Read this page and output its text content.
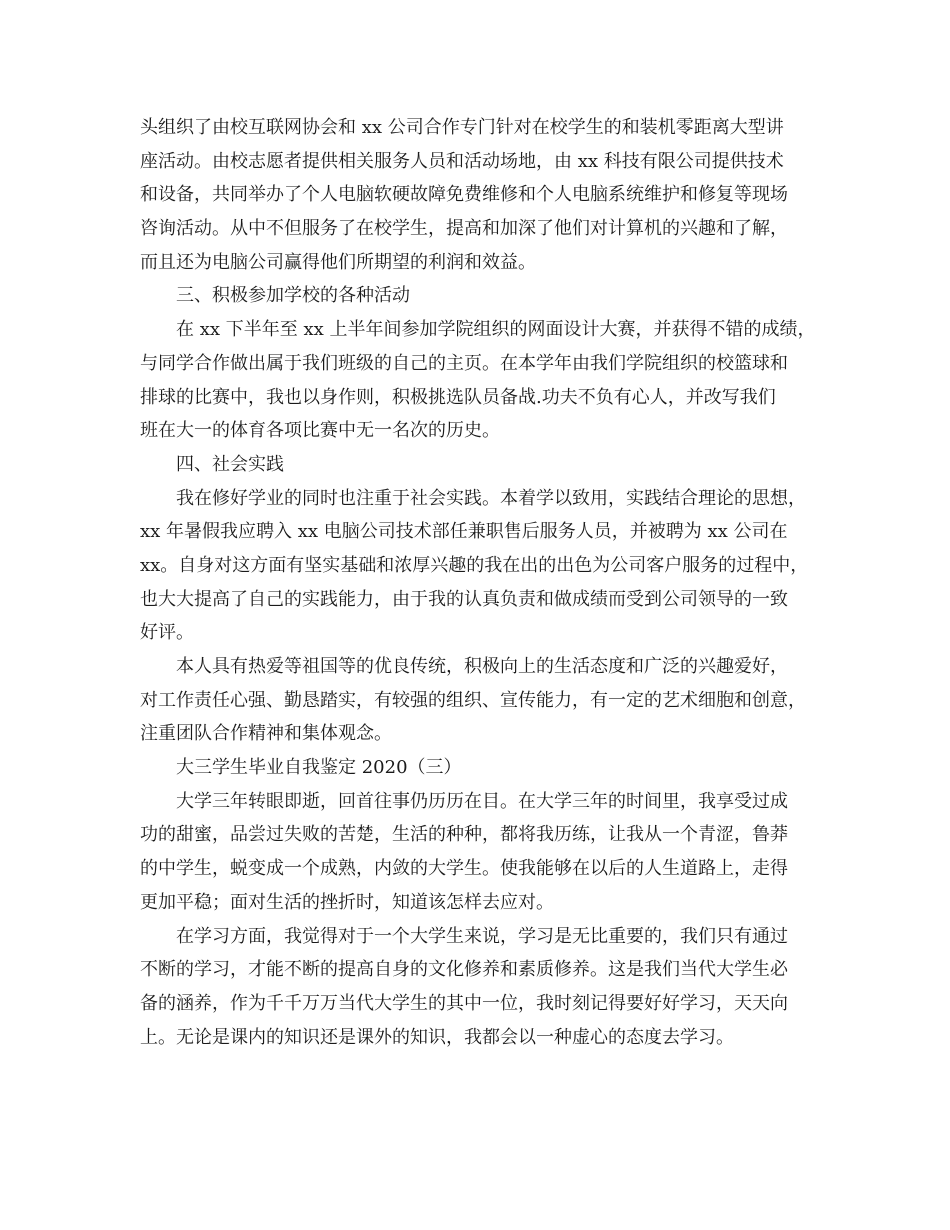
头组织了由校互联网协会和 xx 公司合作专门针对在校学生的和装机零距离大型讲
座活动。由校志愿者提供相关服务人员和活动场地，由 xx 科技有限公司提供技术
和设备，共同举办了个人电脑软硬故障免费维修和个人电脑系统维护和修复等现场
咨询活动。从中不但服务了在校学生，提高和加深了他们对计算机的兴趣和了解，
而且还为电脑公司赢得他们所期望的利润和效益。
三、积极参加学校的各种活动
在 xx 下半年至 xx 上半年间参加学院组织的网面设计大赛，并获得不错的成绩，
与同学合作做出属于我们班级的自己的主页。在本学年由我们学院组织的校篮球和
排球的比赛中，我也以身作则，积极挑选队员备战.功夫不负有心人，并改写我们
班在大一的体育各项比赛中无一名次的历史。
四、社会实践
我在修好学业的同时也注重于社会实践。本着学以致用，实践结合理论的思想，
xx 年暑假我应聘入 xx 电脑公司技术部任兼职售后服务人员，并被聘为 xx 公司在
xx。自身对这方面有坚实基础和浓厚兴趣的我在出的出色为公司客户服务的过程中，
也大大提高了自己的实践能力，由于我的认真负责和做成绩而受到公司领导的一致
好评。
本人具有热爱等祖国等的优良传统，积极向上的生活态度和广泛的兴趣爱好，
对工作责任心强、勤恳踏实，有较强的组织、宣传能力，有一定的艺术细胞和创意，
注重团队合作精神和集体观念。
大三学生毕业自我鉴定 2020（三）
大学三年转眼即逝，回首往事仍历历在目。在大学三年的时间里，我享受过成
功的甜蜜，品尝过失败的苦楚，生活的种种，都将我历练，让我从一个青涩，鲁莽
的中学生，蜕变成一个成熟，内敛的大学生。使我能够在以后的人生道路上，走得
更加平稳；面对生活的挫折时，知道该怎样去应对。
在学习方面，我觉得对于一个大学生来说，学习是无比重要的，我们只有通过
不断的学习，才能不断的提高自身的文化修养和素质修养。这是我们当代大学生必
备的涵养，作为千千万万当代大学生的其中一位，我时刻记得要好好学习，天天向
上。无论是课内的知识还是课外的知识，我都会以一种虚心的态度去学习。
